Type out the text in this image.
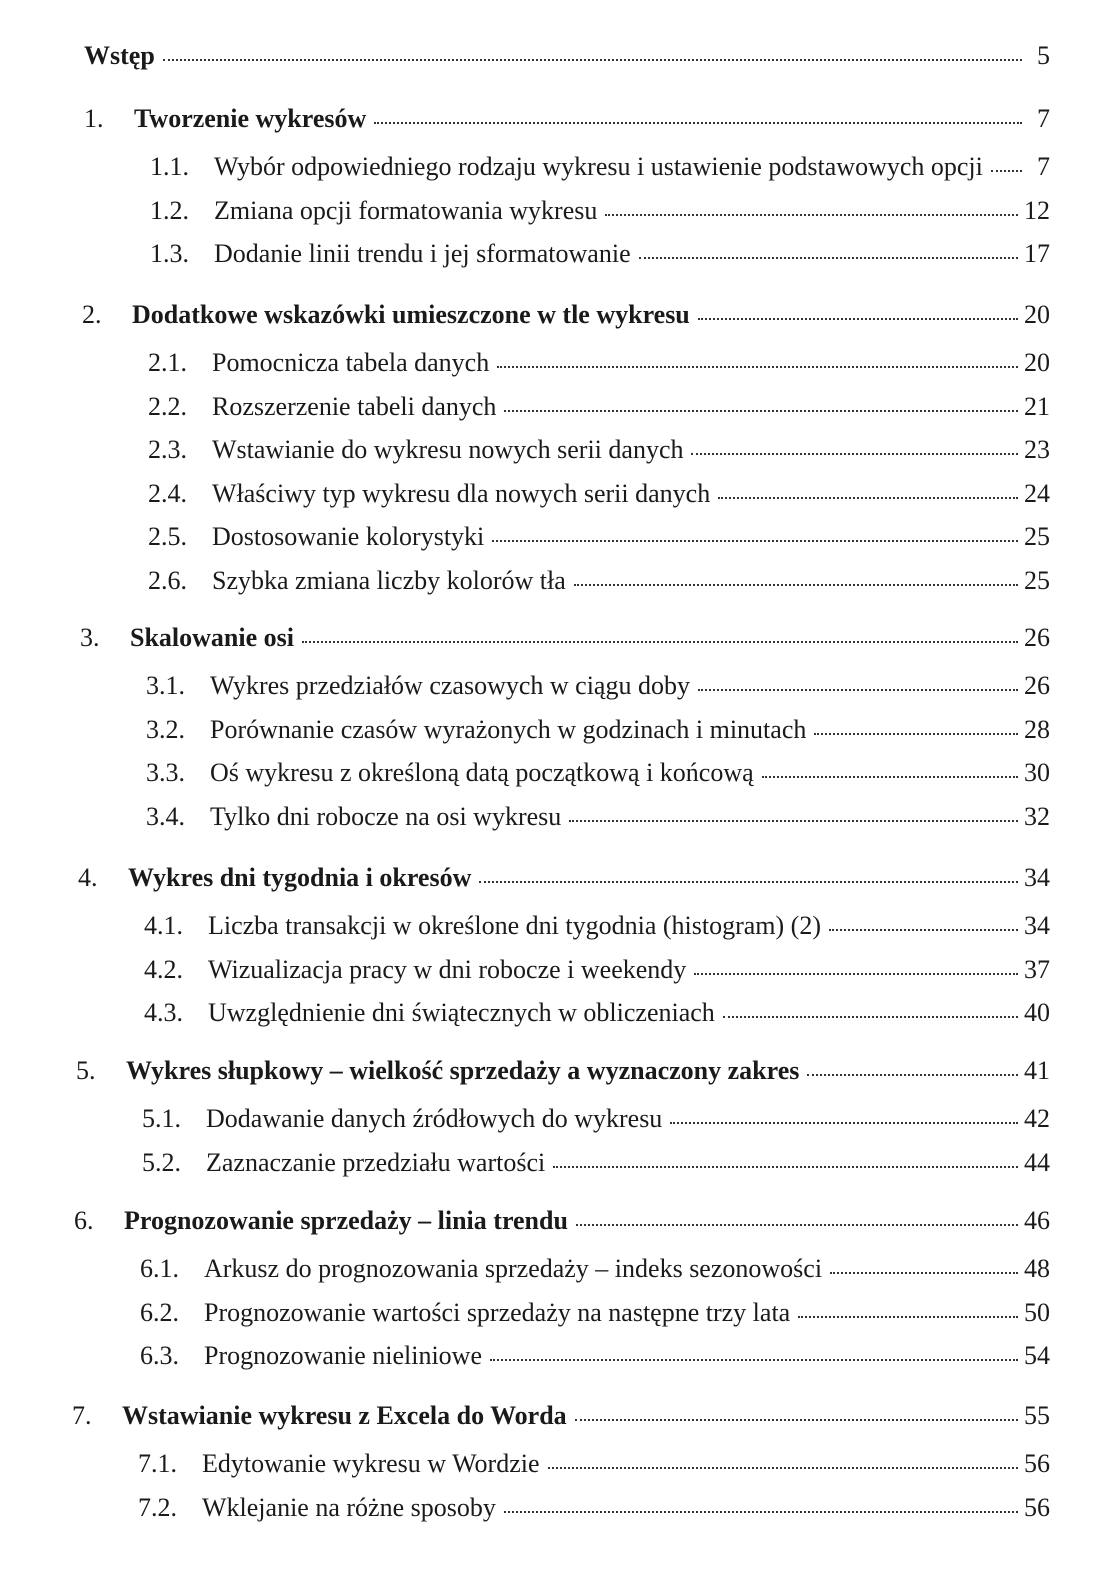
Wstęp	5
1.	Tworzenie wykresów	7
1.1. Wybór odpowiedniego rodzaju wykresu i ustawienie podstawowych opcji	7
1.2. Zmiana opcji formatowania wykresu	12
1.3. Dodanie linii trendu i jej sformatowanie	17
2.	Dodatkowe wskazówki umieszczone w tle wykresu	20
2.1. Pomocnicza tabela danych	20
2.2. Rozszerzenie tabeli danych	21
2.3. Wstawianie do wykresu nowych serii danych	23
2.4. Właściwy typ wykresu dla nowych serii danych	24
2.5. Dostosowanie kolorystyki	25
2.6. Szybka zmiana liczby kolorów tła	25
3.	Skalowanie osi	26
3.1. Wykres przedziałów czasowych w ciągu doby	26
3.2. Porównanie czasów wyrażonych w godzinach i minutach	28
3.3. Oś wykresu z określoną datą początkową i końcową	30
3.4. Tylko dni robocze na osi wykresu	32
4.	Wykres dni tygodnia i okresów	34
4.1. Liczba transakcji w określone dni tygodnia (histogram) (2)	34
4.2. Wizualizacja pracy w dni robocze i weekendy	37
4.3. Uwzględnienie dni świątecznych w obliczeniach	40
5.	Wykres słupkowy – wielkość sprzedaży a wyznaczony zakres	41
5.1. Dodawanie danych źródłowych do wykresu	42
5.2. Zaznaczanie przedziału wartości	44
6.	Prognozowanie sprzedaży – linia trendu	46
6.1. Arkusz do prognozowania sprzedaży – indeks sezonowości	48
6.2. Prognozowanie wartości sprzedaży na następne trzy lata	50
6.3. Prognozowanie nieliniowe	54
7.	Wstawianie wykresu z Excela do Worda	55
7.1. Edytowanie wykresu w Wordzie	56
7.2. Wklejanie na różne sposoby	56
